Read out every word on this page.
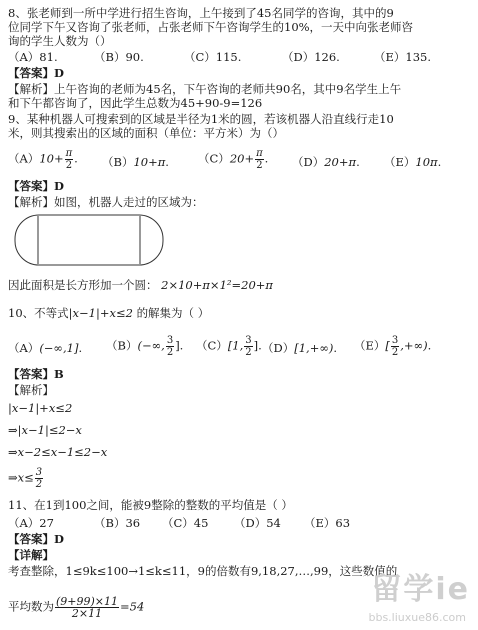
8、张老师到一所中学进行招生咨询，上午接到了45名同学的咨询，其中的9
位同学下午又咨询了张老师，占张老师下午咨询学生的10%，一天中向张老师咨
询的学生人数为（）
（A）81.	（B）90.	（C）115.	（D）126.	（E）135.
【答案】D
【解析】上午咨询的老师为45名，下午咨询的老师共90名，其中9名学生上午
和下午都咨询了，因此学生总数为45+90-9=126
9、某种机器人可搜索到的区域是半径为1米的圆，若该机器人沿直线行走10
米，则其搜索出的区域的面积（单位：平方米）为（）
$(A)10+ \frac{\pi}{2}$ . （B）10+π.	$(C)20+ \frac{\pi}{2}$ . （D）20+π. （E）10π.
【答案】D
【解析】如图，机器人走过的区域为：
因此面积是长方形加一个圆： 2×10+π×1²=20+π
10、不等式|x−1|+x≤2 的解集为（ ）
（A）(−∞,1]. （B）(−∞, $\frac{3}{2}$ ]. （C）[1, $\frac{3}{2}$ ]. （D）[1,+∞). $(E)[ \frac{3}{2}$ ,+∞).
【答案】B
【解析】
|x−1|+x≤2
⇒|x−1|≤2−x
⇒x−2≤x−1≤2−x
⇒x≤ $\frac{3}{2}$
11、在1到100之间，能被9整除的整数的平均值是（ ）
（A）27	（B）36 （C）45 （D）54 （E）63
【答案】D
【详解】
考查整除，1≤9k≤100→1≤k≤11，9的倍数有9,18,27,…,99，这些数值的
平均数为 $\frac{(9+99)\times 11}{2\times 11} =54$	留学ie
bbs.liuxue86.com
